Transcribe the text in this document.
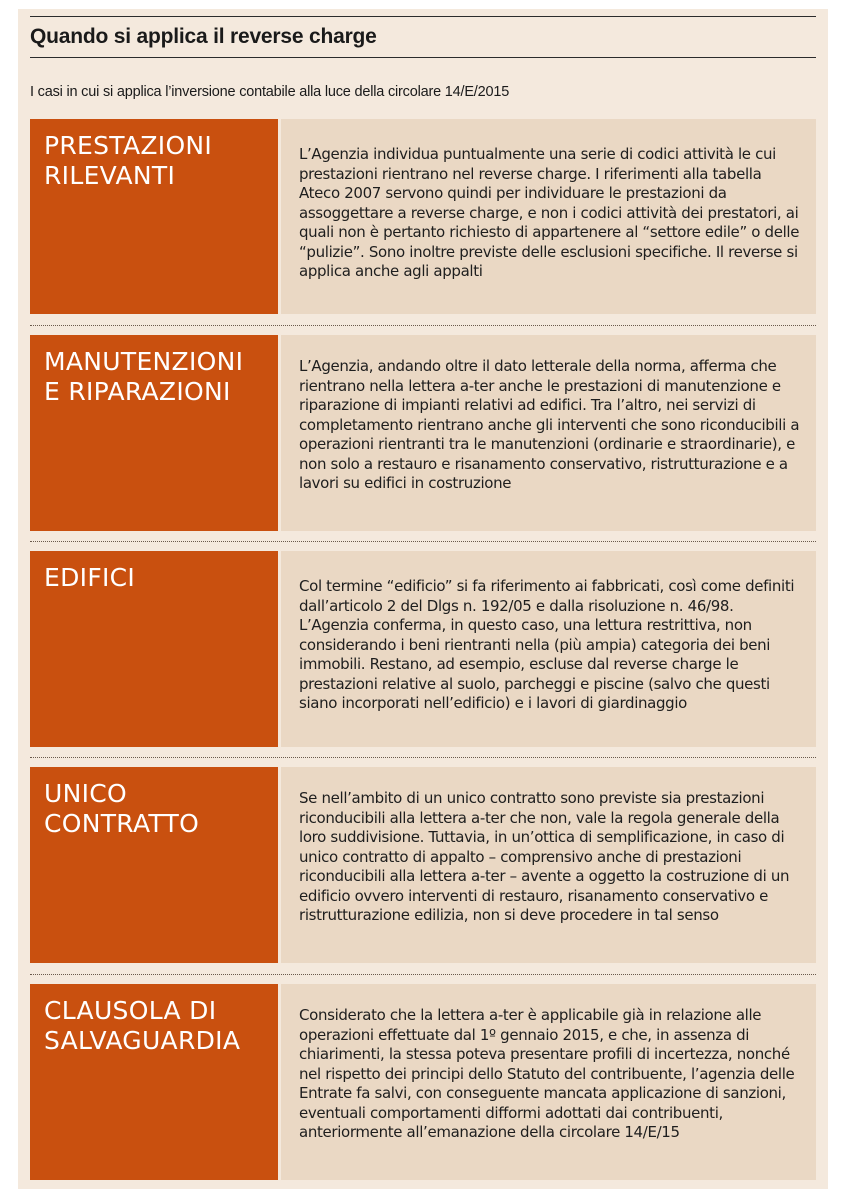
Quando si applica il reverse charge
I casi in cui si applica l’inversione contabile alla luce della circolare 14/E/2015
PRESTAZIONI RILEVANTI
L’Agenzia individua puntualmente una serie di codici attività le cui prestazioni rientrano nel reverse charge. I riferimenti alla tabella Ateco 2007 servono quindi per individuare le prestazioni da assoggettare a reverse charge, e non i codici attività dei prestatori, ai quali non è pertanto richiesto di appartenere al “settore edile” o delle “pulizie”. Sono inoltre previste delle esclusioni specifiche. Il reverse si applica anche agli appalti
MANUTENZIONI E RIPARAZIONI
L’Agenzia, andando oltre il dato letterale della norma, afferma che rientrano nella lettera a-ter anche le prestazioni di manutenzione e riparazione di impianti relativi ad edifici. Tra l’altro, nei servizi di completamento rientrano anche gli interventi che sono riconducibili a operazioni rientranti tra le manutenzioni (ordinarie e straordinarie), e non solo a restauro e risanamento conservativo, ristrutturazione e a lavori su edifici in costruzione
EDIFICI	Col termine “edificio” si fa riferimento ai fabbricati, così come definiti dall’articolo 2 del Dlgs n. 192/05 e dalla risoluzione n. 46/98. L’Agenzia conferma, in questo caso, una lettura restrittiva, non considerando i beni rientranti nella (più ampia) categoria dei beni immobili. Restano, ad esempio, escluse dal reverse charge le prestazioni relative al suolo, parcheggi e piscine (salvo che questi siano incorporati nell’edificio) e i lavori di giardinaggio
UNICO CONTRATTO
Se nell’ambito di un unico contratto sono previste sia prestazioni riconducibili alla lettera a-ter che non, vale la regola generale della loro suddivisione. Tuttavia, in un’ottica di semplificazione, in caso di unico contratto di appalto – comprensivo anche di prestazioni riconducibili alla lettera a-ter – avente a oggetto la costruzione di un edificio ovvero interventi di restauro, risanamento conservativo e ristrutturazione edilizia, non si deve procedere in tal senso
CLAUSOLA DI SALVAGUARDIA
Considerato che la lettera a-ter è applicabile già in relazione alle operazioni effettuate dal 1º gennaio 2015, e che, in assenza di chiarimenti, la stessa poteva presentare profili di incertezza, nonché nel rispetto dei principi dello Statuto del contribuente, l’agenzia delle Entrate fa salvi, con conseguente mancata applicazione di sanzioni, eventuali comportamenti difformi adottati dai contribuenti, anteriormente all’emanazione della circolare 14/E/15
